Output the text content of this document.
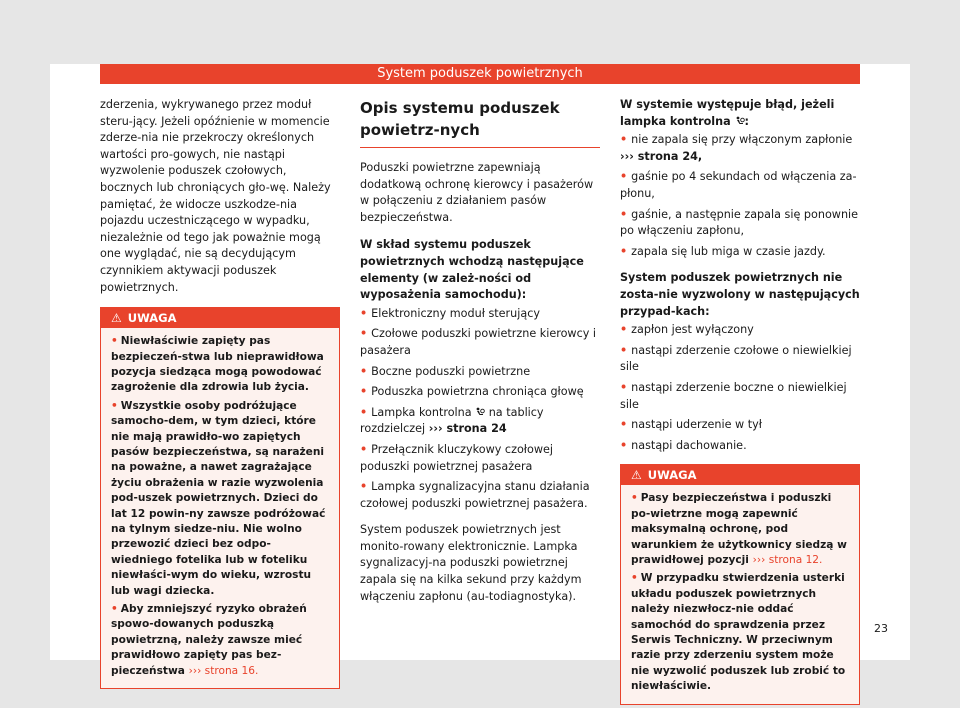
System poduszek powietrznych

zderzenia, wykrywanego przez moduł steru-jący. Jeżeli opóźnienie w momencie zderze-nia nie przekroczy określonych wartości pro-gowych, nie nastąpi wyzwolenie poduszek czołowych, bocznych lub chroniących gło-wę. Należy pamiętać, że widocze uszkodze-nia pojazdu uczestniczącego w wypadku, niezależnie od tego jak poważnie mogą one wyglądać, nie są decydującym czynnikiem aktywacji poduszek powietrznych.

⚠ UWAGA
• Niewłaściwie zapięty pas bezpieczeń-stwa lub nieprawidłowa pozycja siedząca mogą powodować zagrożenie dla zdrowia lub życia.
• Wszystkie osoby podróżujące samocho-dem, w tym dzieci, które nie mają prawidło-wo zapiętych pasów bezpieczeństwa, są narażeni na poważne, a nawet zagrażające życiu obrażenia w razie wyzwolenia pod-uszek powietrznych. Dzieci do lat 12 powin-ny zawsze podróżować na tylnym siedze-niu. Nie wolno przewozić dzieci bez odpo-wiedniego fotelika lub w foteliku niewłaści-wym do wieku, wzrostu lub wagi dziecka.
• Aby zmniejszyć ryzyko obrażeń spowo-dowanych poduszką powietrzną, należy zawsze mieć prawidłowo zapięty pas bez-pieczeństwa ››› strona 16.
Opis systemu poduszek powietrz-nych

Poduszki powietrzne zapewniają dodatkową ochronę kierowcy i pasażerów w połączeniu z działaniem pasów bezpieczeństwa.

W skład systemu poduszek powietrznych wchodzą następujące elementy (w zależ-ności od wyposażenia samochodu):
• Elektroniczny moduł sterujący
• Czołowe poduszki powietrzne kierowcy i pasażera
• Boczne poduszki powietrzne
• Poduszka powietrzna chroniąca głowę
• Lampka kontrolna na tablicy rozdzielczej ››› strona 24
• Przełącznik kluczykowy czołowej poduszki powietrznej pasażera
• Lampka sygnalizacyjna stanu działania czołowej poduszki powietrznej pasażera.

System poduszek powietrznych jest monito-rowany elektronicznie. Lampka sygnalizacyj-na poduszki powietrznej zapala się na kilka sekund przy każdym włączeniu zapłonu (au-todiagnostyka).

W systemie występuje błąd, jeżeli lampka kontrolna :
• nie zapala się przy włączonym zapłonie
››› strona 24,
• gaśnie po 4 sekundach od włączenia za-płonu,
• gaśnie, a następnie zapala się ponownie po włączeniu zapłonu,
• zapala się lub miga w czasie jazdy.
System poduszek powietrznych nie zosta-nie wyzwolony w następujących przypad-kach:
• zapłon jest wyłączony
• nastąpi zderzenie czołowe o niewielkiej sile
• nastąpi zderzenie boczne o niewielkiej sile
• nastąpi uderzenie w tył
• nastąpi dachowanie.
⚠ UWAGA
• Pasy bezpieczeństwa i poduszki po-wietrzne mogą zapewnić maksymalną ochronę, pod warunkiem że użytkownicy siedzą w prawidłowej pozycji ››› strona 12.
• W przypadku stwierdzenia usterki układu poduszek powietrznych należy niezwłocz-nie oddać samochód do sprawdzenia przez Serwis Techniczny. W przeciwnym razie przy zderzeniu system może nie wyzwolić poduszek lub zrobić to niewłaściwie.
23
